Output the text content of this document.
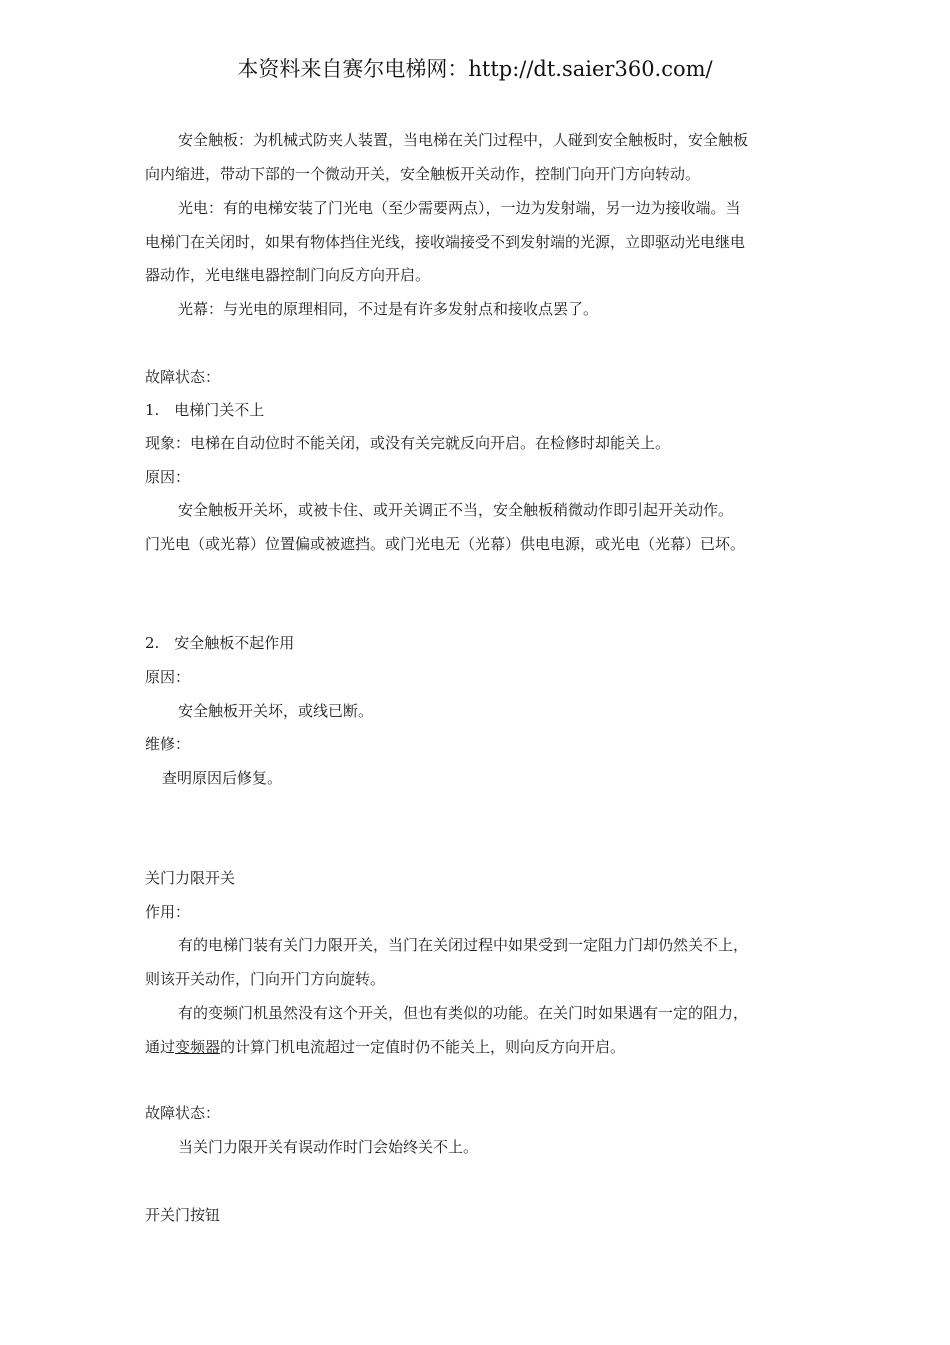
本资料来自赛尔电梯网：http://dt.saier360.com/
安全触板：为机械式防夹人装置，当电梯在关门过程中，人碰到安全触板时，安全触板
向内缩进，带动下部的一个微动开关，安全触板开关动作，控制门向开门方向转动。
光电：有的电梯安装了门光电（至少需要两点），一边为发射端，另一边为接收端。当
电梯门在关闭时，如果有物体挡住光线，接收端接受不到发射端的光源，立即驱动光电继电
器动作，光电继电器控制门向反方向开启。
光幕：与光电的原理相同，不过是有许多发射点和接收点罢了。
故障状态：
1.　电梯门关不上
现象：电梯在自动位时不能关闭，或没有关完就反向开启。在检修时却能关上。
原因：
安全触板开关坏，或被卡住、或开关调正不当，安全触板稍微动作即引起开关动作。
门光电（或光幕）位置偏或被遮挡。或门光电无（光幕）供电电源，或光电（光幕）已坏。
2.　安全触板不起作用
原因：
安全触板开关坏，或线已断。
维修：
查明原因后修复。
关门力限开关
作用：
有的电梯门装有关门力限开关，当门在关闭过程中如果受到一定阻力门却仍然关不上，
则该开关动作，门向开门方向旋转。
有的变频门机虽然没有这个开关，但也有类似的功能。在关门时如果遇有一定的阻力，
通过变频器的计算门机电流超过一定值时仍不能关上，则向反方向开启。
故障状态：
当关门力限开关有误动作时门会始终关不上。
开关门按钮
